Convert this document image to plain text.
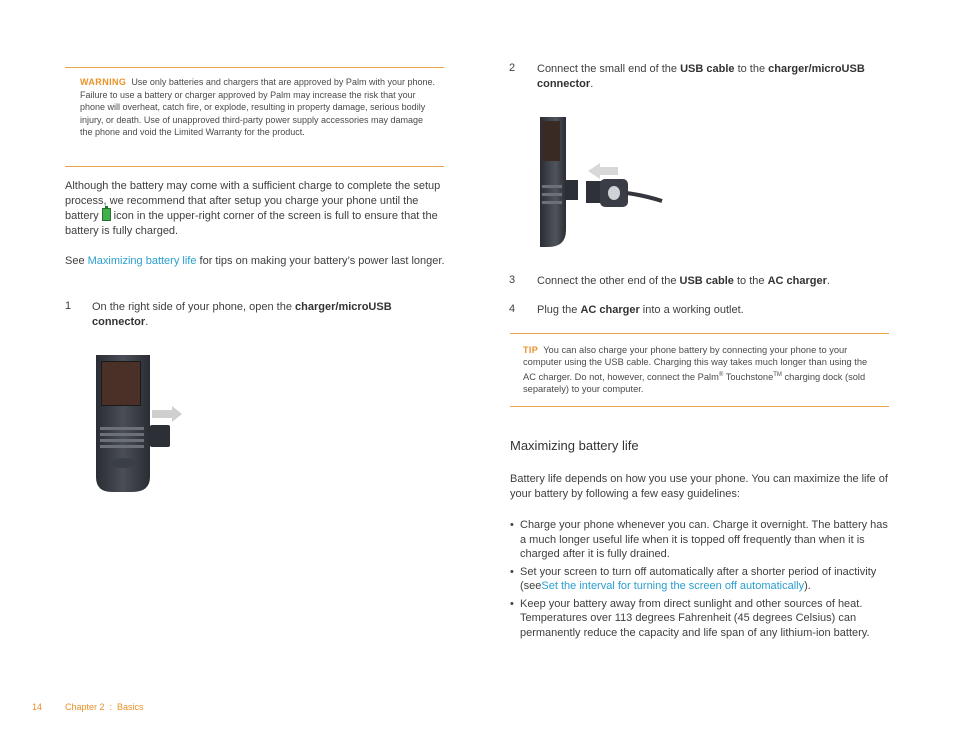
WARNING Use only batteries and chargers that are approved by Palm with your phone. Failure to use a battery or charger approved by Palm may increase the risk that your phone will overheat, catch fire, or explode, resulting in property damage, serious bodily injury, or death. Use of unapproved third-party power supply accessories may damage the phone and void the Limited Warranty for the product.
Although the battery may come with a sufficient charge to complete the setup process, we recommend that after setup you charge your phone until the battery icon in the upper-right corner of the screen is full to ensure that the battery is fully charged.
See Maximizing battery life for tips on making your battery’s power last longer.
1 On the right side of your phone, open the charger/microUSB connector.
2 Connect the small end of the USB cable to the charger/microUSB connector.
3 Connect the other end of the USB cable to the AC charger.
4 Plug the AC charger into a working outlet.
TIP You can also charge your phone battery by connecting your phone to your computer using the USB cable. Charging this way takes much longer than using the AC charger. Do not, however, connect the Palm® Touchstone™ charging dock (sold separately) to your computer.
Maximizing battery life
Battery life depends on how you use your phone. You can maximize the life of your battery by following a few easy guidelines:
• Charge your phone whenever you can. Charge it overnight. The battery has a much longer useful life when it is topped off frequently than when it is charged after it is fully drained.
• Set your screen to turn off automatically after a shorter period of inactivity (seeSet the interval for turning the screen off automatically).
• Keep your battery away from direct sunlight and other sources of heat. Temperatures over 113 degrees Fahrenheit (45 degrees Celsius) can permanently reduce the capacity and life span of any lithium-ion battery.
14	Chapter 2  :  Basics
